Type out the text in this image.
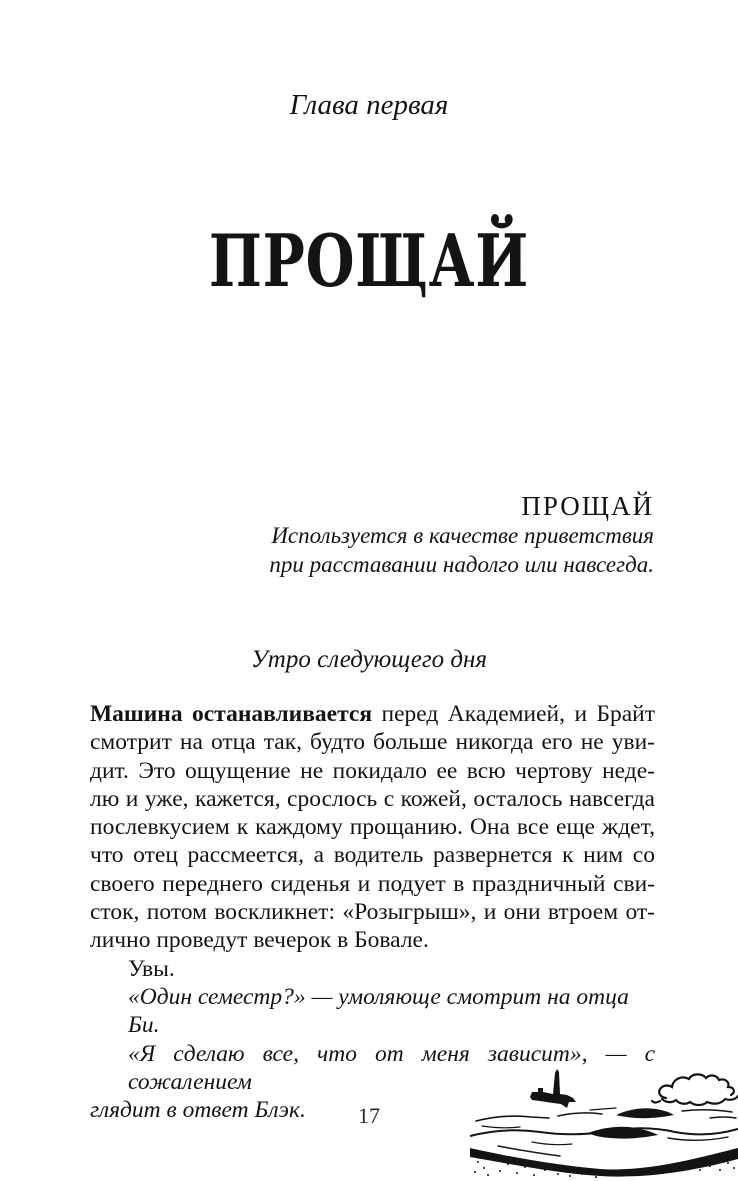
Глава первая
ПРОЩАЙ
ПРОЩАЙ
Используется в качестве приветствия
при расставании надолго или навсегда.
Утро следующего дня
Машина останавливается перед Академией, и Брайт
смотрит на отца так, будто больше никогда его не уви-
дит. Это ощущение не покидало ее всю чертову неде-
лю и уже, кажется, срослось с кожей, осталось навсегда
послевкусием к каждому прощанию. Она все еще ждет,
что отец рассмеется, а водитель развернется к ним со
своего переднего сиденья и подует в праздничный сви-
сток, потом воскликнет: «Розыгрыш», и они втроем от-
лично проведут вечерок в Бовале.
Увы.
«Один семестр?» — умоляюще смотрит на отца Би.
«Я сделаю все, что от меня зависит», — с сожалением
глядит в ответ Блэк.	17
